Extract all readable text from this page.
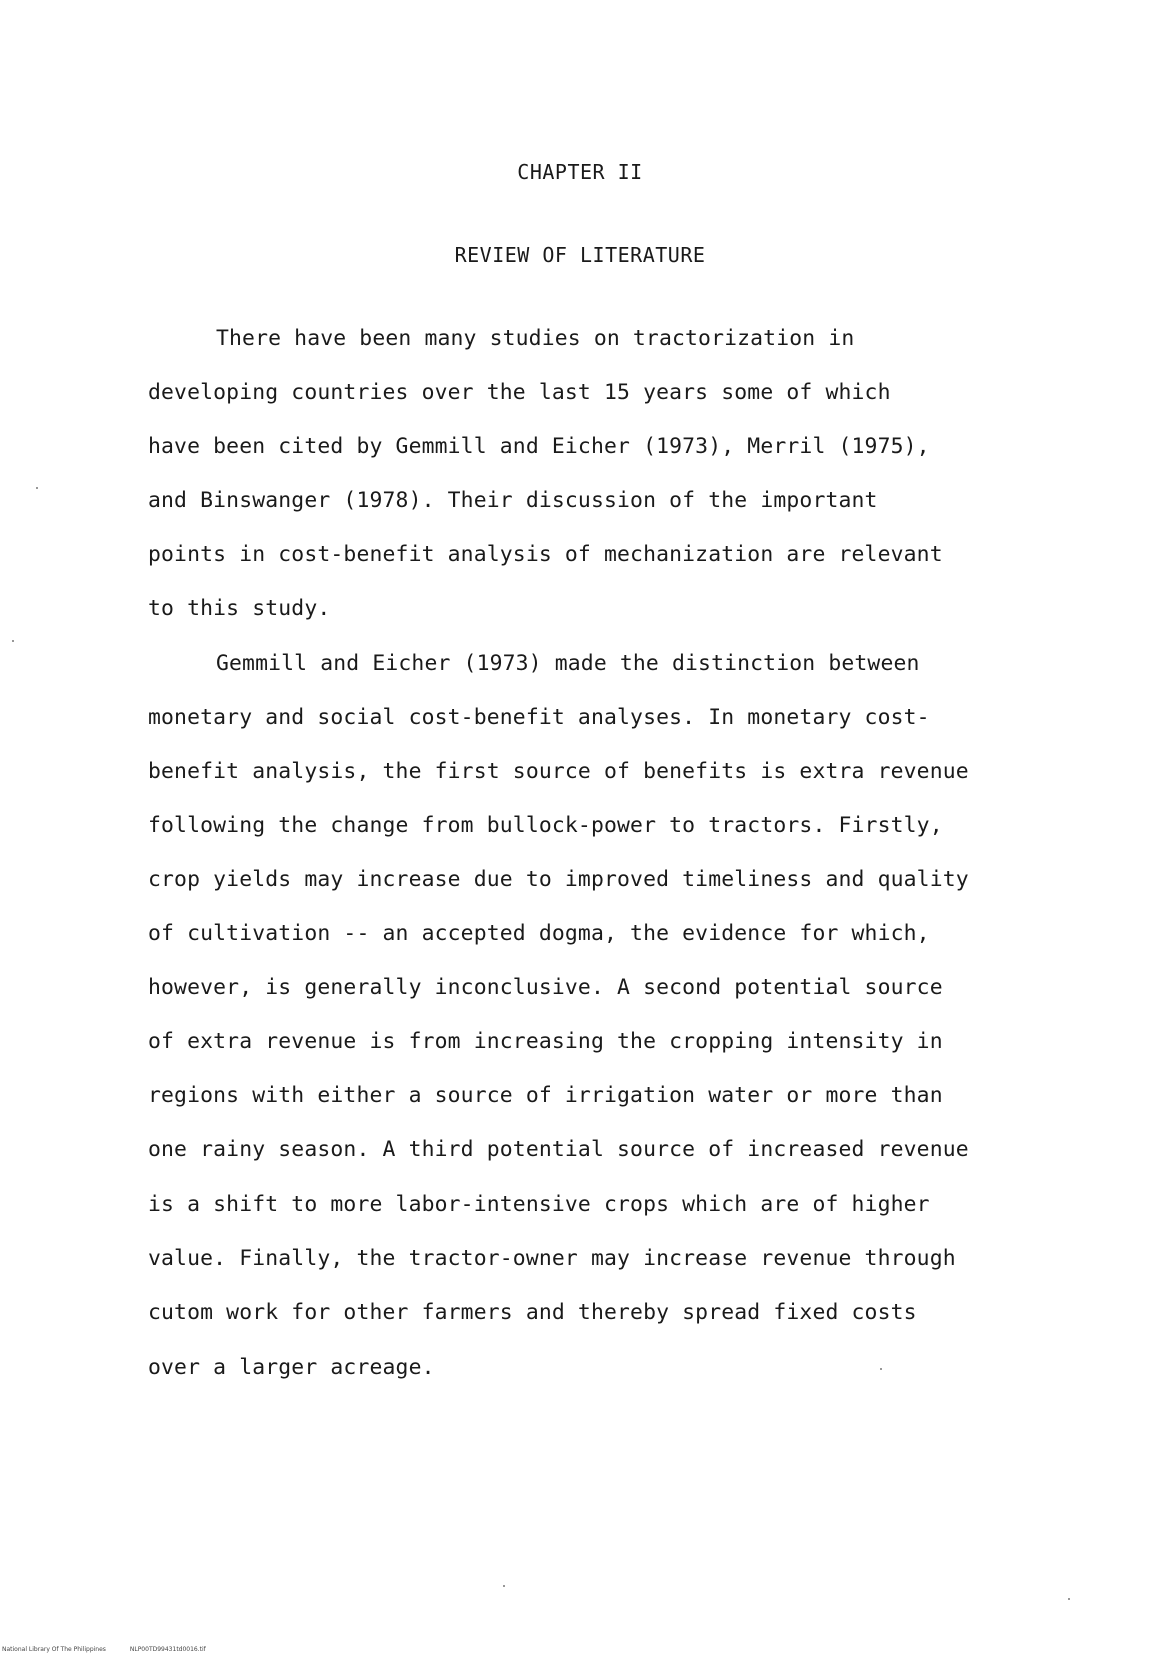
CHAPTER II
REVIEW OF LITERATURE
There have been many studies on tractorization in
developing countries over the last 15 years some of which
have been cited by Gemmill and Eicher (1973), Merril (1975),
and Binswanger (1978). Their discussion of the important
points in cost-benefit analysis of mechanization are relevant
to this study.
Gemmill and Eicher (1973) made the distinction between
monetary and social cost-benefit analyses. In monetary cost-
benefit analysis, the first source of benefits is extra revenue
following the change from bullock-power to tractors. Firstly,
crop yields may increase due to improved timeliness and quality
of cultivation -- an accepted dogma, the evidence for which,
however, is generally inconclusive. A second potential source
of extra revenue is from increasing the cropping intensity in
regions with either a source of irrigation water or more than
one rainy season. A third potential source of increased revenue
is a shift to more labor-intensive crops which are of higher
value. Finally, the tractor-owner may increase revenue through
cutom work for other farmers and thereby spread fixed costs
over a larger acreage.
National Library Of The Philippines	NLP00TD99431td0016.tif
